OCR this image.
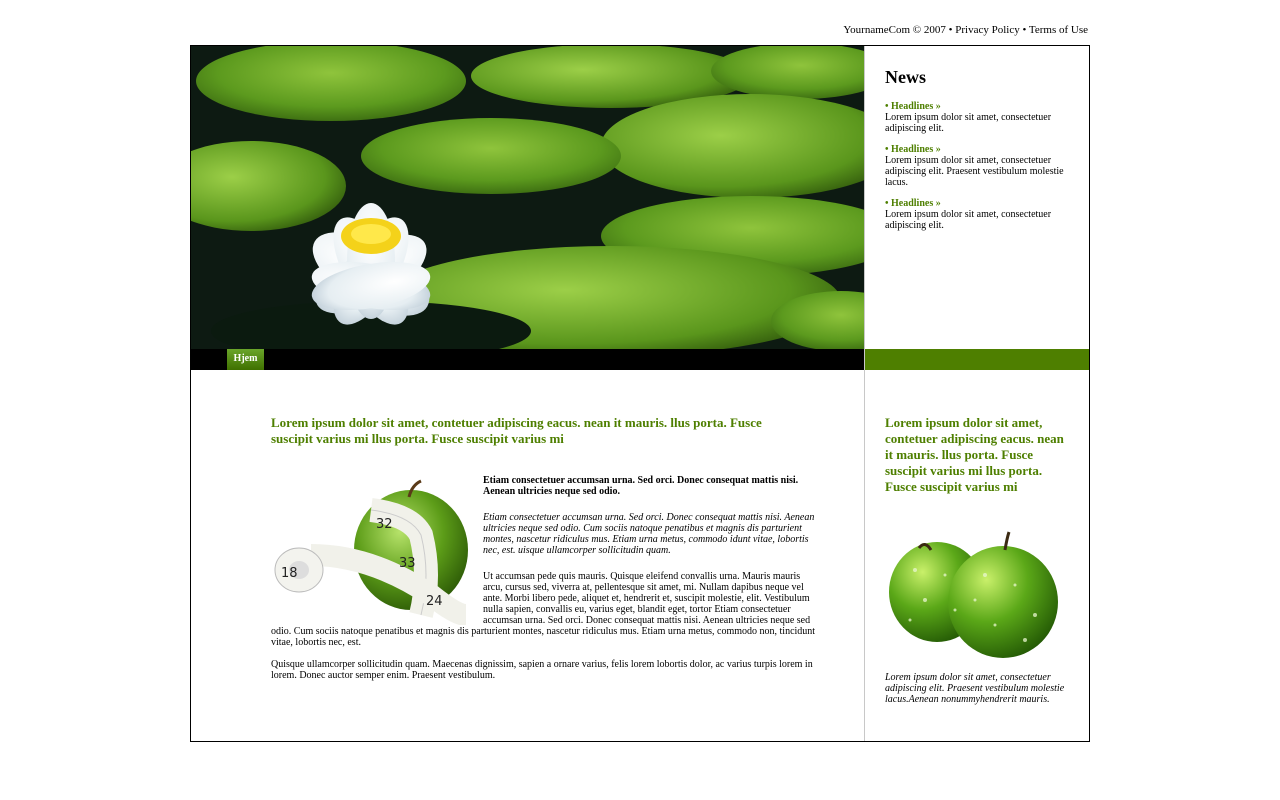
YournameCom © 2007 • Privacy Policy • Terms of Use
News
• Headlines »
Lorem ipsum dolor sit amet, consectetuer adipiscing elit.
• Headlines »
Lorem ipsum dolor sit amet, consectetuer adipiscing elit. Praesent vestibulum molestie lacus.
• Headlines »
Lorem ipsum dolor sit amet, consectetuer adipiscing elit.
Hjem
Lorem ipsum dolor sit amet, contetuer adipiscing eacus. nean it mauris. llus porta. Fusce suscipit varius mi llus porta. Fusce suscipit varius mi
32
33
24
18

Etiam consectetuer accumsan urna. Sed orci. Donec consequat mattis nisi. Aenean ultricies neque sed odio.

Etiam consectetuer accumsan urna. Sed orci. Donec consequat mattis nisi. Aenean ultricies neque sed odio. Cum sociis natoque penatibus et magnis dis parturient montes, nascetur ridiculus mus. Etiam urna metus, commodo idunt vitae, lobortis nec, est. uisque ullamcorper sollicitudin quam.

Ut accumsan pede quis mauris. Quisque eleifend convallis urna. Mauris mauris arcu, cursus sed, viverra at, pellentesque sit amet, mi. Nullam dapibus neque vel ante. Morbi libero pede, aliquet et, hendrerit et, suscipit molestie, elit. Vestibulum nulla sapien, convallis eu, varius eget, blandit eget, tortor Etiam consectetuer accumsan urna. Sed orci. Donec consequat mattis nisi. Aenean ultricies neque sed odio. Cum sociis natoque penatibus et magnis dis parturient montes, nascetur ridiculus mus. Etiam urna metus, commodo non, tincidunt vitae, lobortis nec, est.

Quisque ullamcorper sollicitudin quam. Maecenas dignissim, sapien a ornare varius, felis lorem lobortis dolor, ac varius turpis lorem in lorem. Donec auctor semper enim. Praesent vestibulum.

Lorem ipsum dolor sit amet, contetuer adipiscing eacus. nean it mauris. llus porta. Fusce suscipit varius mi llus porta. Fusce suscipit varius mi
Lorem ipsum dolor sit amet, consectetuer adipiscing elit. Praesent vestibulum molestie lacus.Aenean nonummyhendrerit mauris.
